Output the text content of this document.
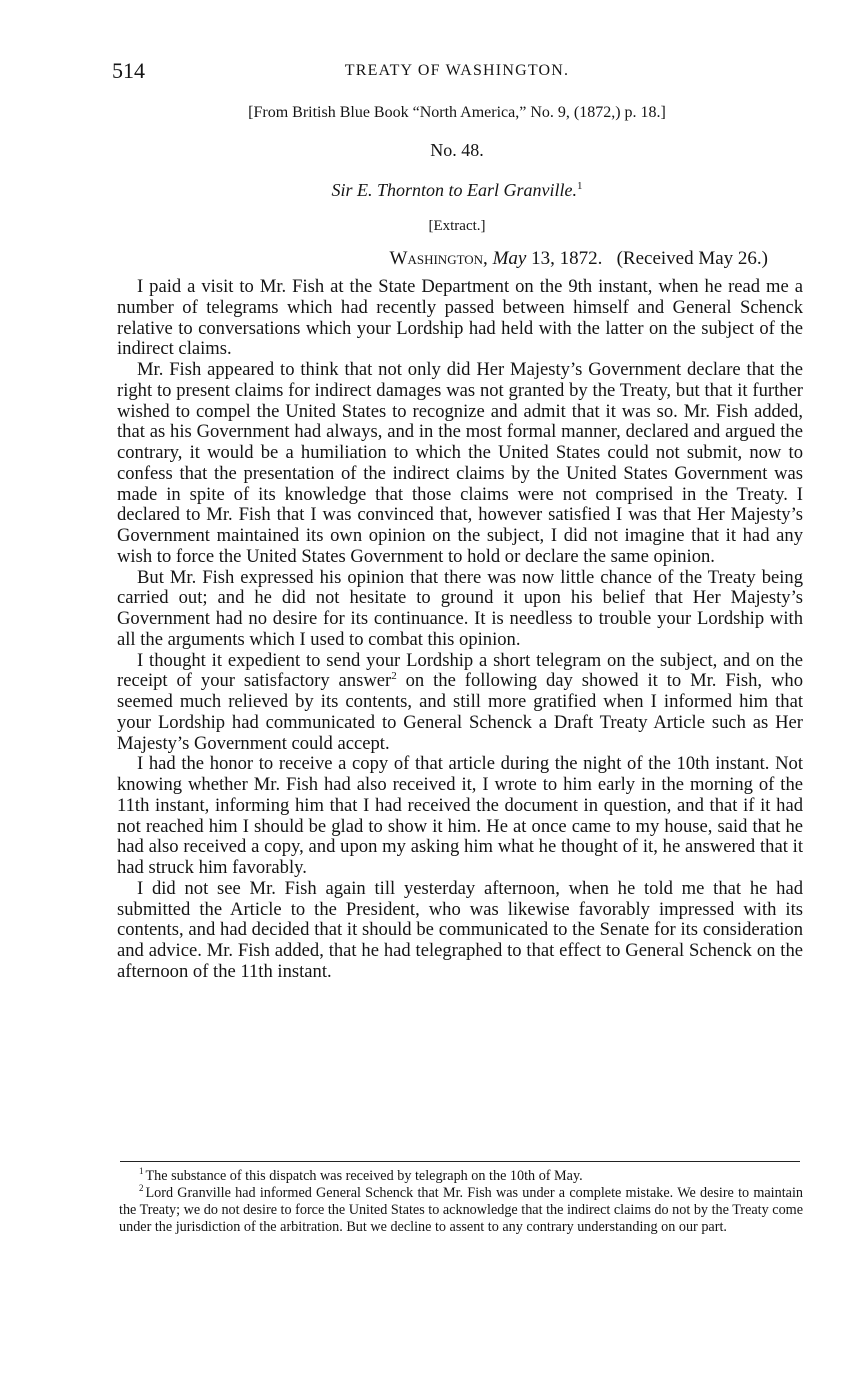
514	TREATY OF WASHINGTON.
[From British Blue Book “North America,” No. 9, (1872,) p. 18.]
No. 48.
Sir E. Thornton to Earl Granville.$^1$
[Extract.]
Washington, May 13, 1872. (Received May 26.)

I paid a visit to Mr. Fish at the State Department on the 9th instant, when he read me a number of telegrams which had recently passed between himself and General Schenck relative to conversations which your Lordship had held with the latter on the subject of the indirect claims.

Mr. Fish appeared to think that not only did Her Majesty’s Government declare that the right to present claims for indirect damages was not granted by the Treaty, but that it further wished to compel the United States to recognize and admit that it was so. Mr. Fish added, that as his Government had always, and in the most formal manner, declared and argued the contrary, it would be a humiliation to which the United States could not submit, now to confess that the presentation of the indirect claims by the United States Government was made in spite of its knowledge that those claims were not comprised in the Treaty. I declared to Mr. Fish that I was convinced that, however satisfied I was that Her Majesty’s Government maintained its own opinion on the subject, I did not imagine that it had any wish to force the United States Government to hold or declare the same opinion.

But Mr. Fish expressed his opinion that there was now little chance of the Treaty being carried out; and he did not hesitate to ground it upon his belief that Her Majesty’s Government had no desire for its continuance. It is needless to trouble your Lordship with all the arguments which I used to combat this opinion.

I thought it expedient to send your Lordship a short telegram on the subject, and on the receipt of your satisfactory answer$^2$ on the following day showed it to Mr. Fish, who seemed much relieved by its contents, and still more gratified when I informed him that your Lordship had communicated to General Schenck a Draft Treaty Article such as Her Majesty’s Government could accept.

I had the honor to receive a copy of that article during the night of the 10th instant. Not knowing whether Mr. Fish had also received it, I wrote to him early in the morning of the 11th instant, informing him that I had received the document in question, and that if it had not reached him I should be glad to show it him. He at once came to my house, said that he had also received a copy, and upon my asking him what he thought of it, he answered that it had struck him favorably.

I did not see Mr. Fish again till yesterday afternoon, when he told me that he had submitted the Article to the President, who was likewise favorably impressed with its contents, and had decided that it should be communicated to the Senate for its consideration and advice. Mr. Fish added, that he had telegraphed to that effect to General Schenck on the afternoon of the 11th instant.

$^1$ The substance of this dispatch was received by telegraph on the 10th of May.

$^2$ Lord Granville had informed General Schenck that Mr. Fish was under a complete mistake. We desire to maintain the Treaty; we do not desire to force the United States to acknowledge that the indirect claims do not by the Treaty come under the jurisdiction of the arbitration. But we decline to assent to any contrary understanding on our part.
